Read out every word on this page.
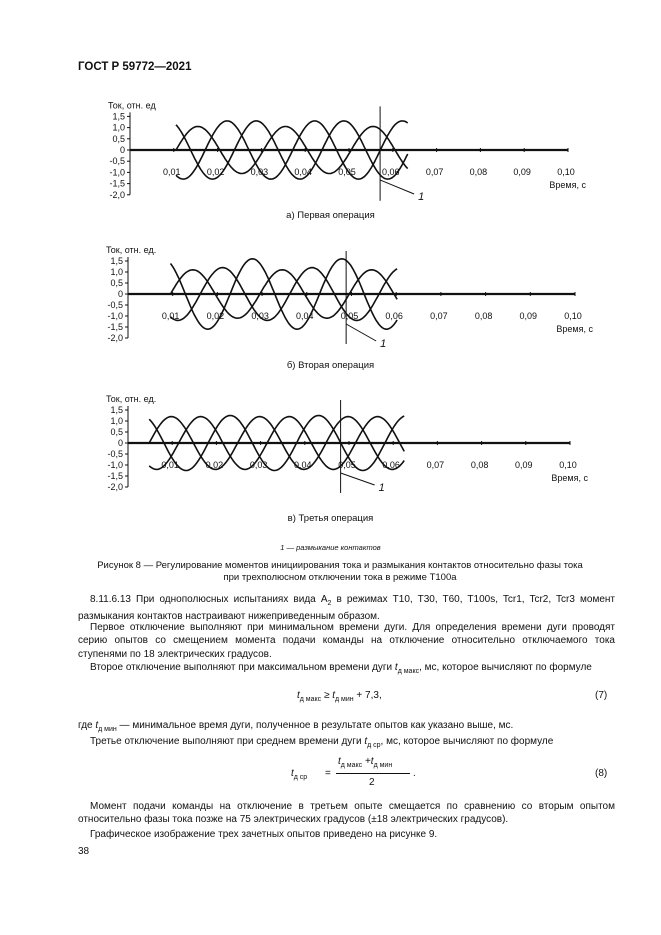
ГОСТ Р 59772—2021
Ток, отн. ед
1,5
1,0
0,5
0
-0,5
-1,0
-1,5
-2,0
0,01	0,02	0,03	0,04	0,05	0,06	0,07	0,08	0,09	0,10
Время, с
1
а) Первая операция
Ток, отн. ед.
1,5
1,0
0,5
0
-0,5
-1,0
-1,5
-2,0
0,01	0,02	0,03	0,04	0,05	0,06	0,07	0,08	0,09	0,10
Время, с
1
б) Вторая операция
Ток, отн. ед.
1,5
1,0
0,5
0
-0,5
-1,0
-1,5
-2,0
0,01	0,02	0,03	0,04	0,05	0,06	0,07	0,08	0,09	0,10
Время, с
1
в) Третья операция
1 — размыкание контактов
Рисунок 8 — Регулирование моментов инициирования тока и размыкания контактов относительно фазы тока
при трехполюсном отключении тока в режиме T100a
8.11.6.13 При однополюсных испытаниях вида $А_2$ в режимах T10, T30, T60, T100s, Tcr1, Tcr2, Tcr3 момент размыкания контактов настраивают нижеприведенным образом.
Первое отключение выполняют при минимальном времени дуги. Для определения времени дуги проводят серию опытов со смещением момента подачи команды на отключение относительно отключаемого тока ступенями по 18 электрических градусов.
Второе отключение выполняют при максимальном времени дуги $t_{д макс}$, мс, которое вычисляют по формуле
$t_{д макс} \ge t_{д мин} + 7,3$,	(7)
где $t_{д мин}$ — минимальное время дуги, полученное в результате опытов как указано выше, мс.
Третье отключение выполняют при среднем времени дуги $t_{д ср}$, мс, которое вычисляют по формуле
$t_{д ср}$ =
$t_{д макс} +t_{д мин}$
2
.	(8)
Момент подачи команды на отключение в третьем опыте смещается по сравнению со вторым опытом относительно фазы тока позже на 75 электрических градусов (±18 электрических градусов).
Графическое изображение трех зачетных опытов приведено на рисунке 9.
38
